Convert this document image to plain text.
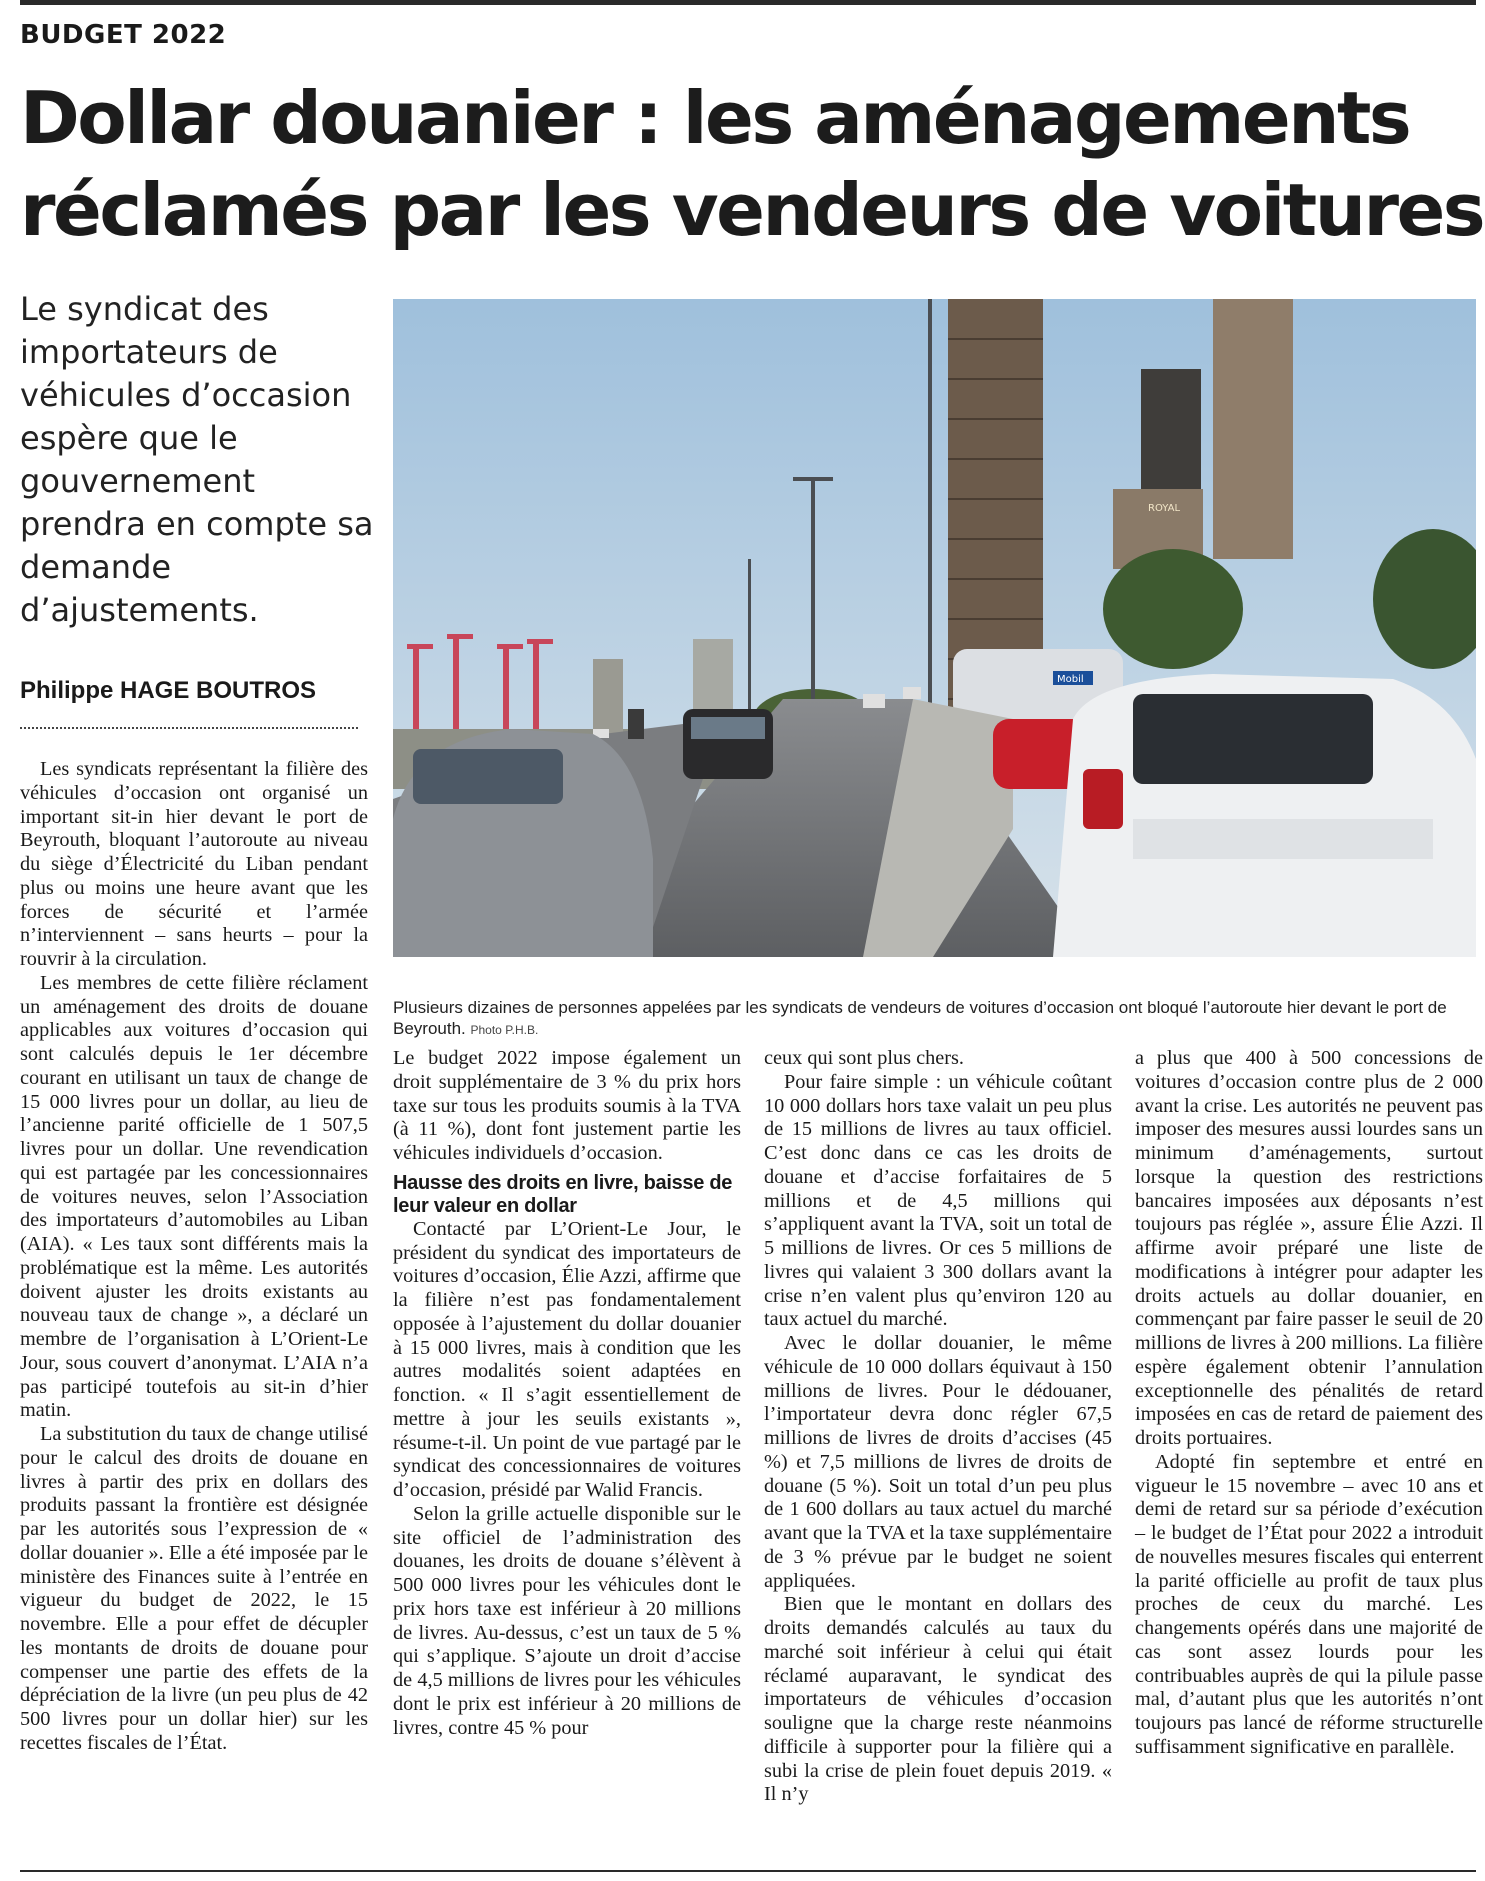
BUDGET 2022
Dollar douanier : les aménagements
réclamés par les vendeurs de voitures
Le syndicat des importateurs de véhicules d’occasion espère que le gouvernement prendra en compte sa demande d’ajustements.
Philippe HAGE BOUTROS
ROYAL
Mobil
Plusieurs dizaines de personnes appelées par les syndicats de vendeurs de voitures d’occasion ont bloqué l’autoroute hier devant le port de Beyrouth. Photo P.H.B.

Les syndicats représentant la filière des véhicules d’occasion ont organisé un important sit-in hier devant le port de Beyrouth, bloquant l’autoroute au niveau du siège d’Électricité du Liban pendant plus ou moins une heure avant que les forces de sécurité et l’armée n’interviennent – sans heurts – pour la rouvrir à la circulation.

Les membres de cette filière réclament un aménagement des droits de douane applicables aux voitures d’occasion qui sont calculés depuis le 1er décembre courant en utilisant un taux de change de 15 000 livres pour un dollar, au lieu de l’ancienne parité officielle de 1 507,5 livres pour un dollar. Une revendication qui est partagée par les concessionnaires de voitures neuves, selon l’Association des importateurs d’automobiles au Liban (AIA). « Les taux sont différents mais la problématique est la même. Les autorités doivent ajuster les droits existants au nouveau taux de change », a déclaré un membre de l’organisation à L’Orient-Le Jour, sous couvert d’anonymat. L’AIA n’a pas participé toutefois au sit-in d’hier matin.

La substitution du taux de change utilisé pour le calcul des droits de douane en livres à partir des prix en dollars des produits passant la frontière est désignée par les autorités sous l’expression de « dollar douanier ». Elle a été imposée par le ministère des Finances suite à l’entrée en vigueur du budget de 2022, le 15 novembre. Elle a pour effet de décupler les montants de droits de douane pour compenser une partie des effets de la dépréciation de la livre (un peu plus de 42 500 livres pour un dollar hier) sur les recettes fiscales de l’État.

Le budget 2022 impose également un droit supplémentaire de 3 % du prix hors taxe sur tous les produits soumis à la TVA (à 11 %), dont font justement partie les véhicules individuels d’occasion.

Hausse des droits en livre, baisse de leur valeur en dollar

Contacté par L’Orient-Le Jour, le président du syndicat des importateurs de voitures d’occasion, Élie Azzi, affirme que la filière n’est pas fondamentalement opposée à l’ajustement du dollar douanier à 15 000 livres, mais à condition que les autres modalités soient adaptées en fonction. « Il s’agit essentiellement de mettre à jour les seuils existants », résume-t-il. Un point de vue partagé par le syndicat des concessionnaires de voitures d’occasion, présidé par Walid Francis.

Selon la grille actuelle disponible sur le site officiel de l’administration des douanes, les droits de douane s’élèvent à 500 000 livres pour les véhicules dont le prix hors taxe est inférieur à 20 millions de livres. Au-dessus, c’est un taux de 5 % qui s’applique. S’ajoute un droit d’accise de 4,5 millions de livres pour les véhicules dont le prix est inférieur à 20 millions de livres, contre 45 % pour

ceux qui sont plus chers.

Pour faire simple : un véhicule coûtant 10 000 dollars hors taxe valait un peu plus de 15 millions de livres au taux officiel. C’est donc dans ce cas les droits de douane et d’accise forfaitaires de 5 millions et de 4,5 millions qui s’appliquent avant la TVA, soit un total de 5 millions de livres. Or ces 5 millions de livres qui valaient 3 300 dollars avant la crise n’en valent plus qu’environ 120 au taux actuel du marché.

Avec le dollar douanier, le même véhicule de 10 000 dollars équivaut à 150 millions de livres. Pour le dédouaner, l’importateur devra donc régler 67,5 millions de livres de droits d’accises (45 %) et 7,5 millions de livres de droits de douane (5 %). Soit un total d’un peu plus de 1 600 dollars au taux actuel du marché avant que la TVA et la taxe supplémentaire de 3 % prévue par le budget ne soient appliquées.

Bien que le montant en dollars des droits demandés calculés au taux du marché soit inférieur à celui qui était réclamé auparavant, le syndicat des importateurs de véhicules d’occasion souligne que la charge reste néanmoins difficile à supporter pour la filière qui a subi la crise de plein fouet depuis 2019. « Il n’y

a plus que 400 à 500 concessions de voitures d’occasion contre plus de 2 000 avant la crise. Les autorités ne peuvent pas imposer des mesures aussi lourdes sans un minimum d’aménagements, surtout lorsque la question des restrictions bancaires imposées aux déposants n’est toujours pas réglée », assure Élie Azzi. Il affirme avoir préparé une liste de modifications à intégrer pour adapter les droits actuels au dollar douanier, en commençant par faire passer le seuil de 20 millions de livres à 200 millions. La filière espère également obtenir l’annulation exceptionnelle des pénalités de retard imposées en cas de retard de paiement des droits portuaires.

Adopté fin septembre et entré en vigueur le 15 novembre – avec 10 ans et demi de retard sur sa période d’exécution – le budget de l’État pour 2022 a introduit de nouvelles mesures fiscales qui enterrent la parité officielle au profit de taux plus proches de ceux du marché. Les changements opérés dans une majorité de cas sont assez lourds pour les contribuables auprès de qui la pilule passe mal, d’autant plus que les autorités n’ont toujours pas lancé de réforme structurelle suffisamment significative en parallèle.
